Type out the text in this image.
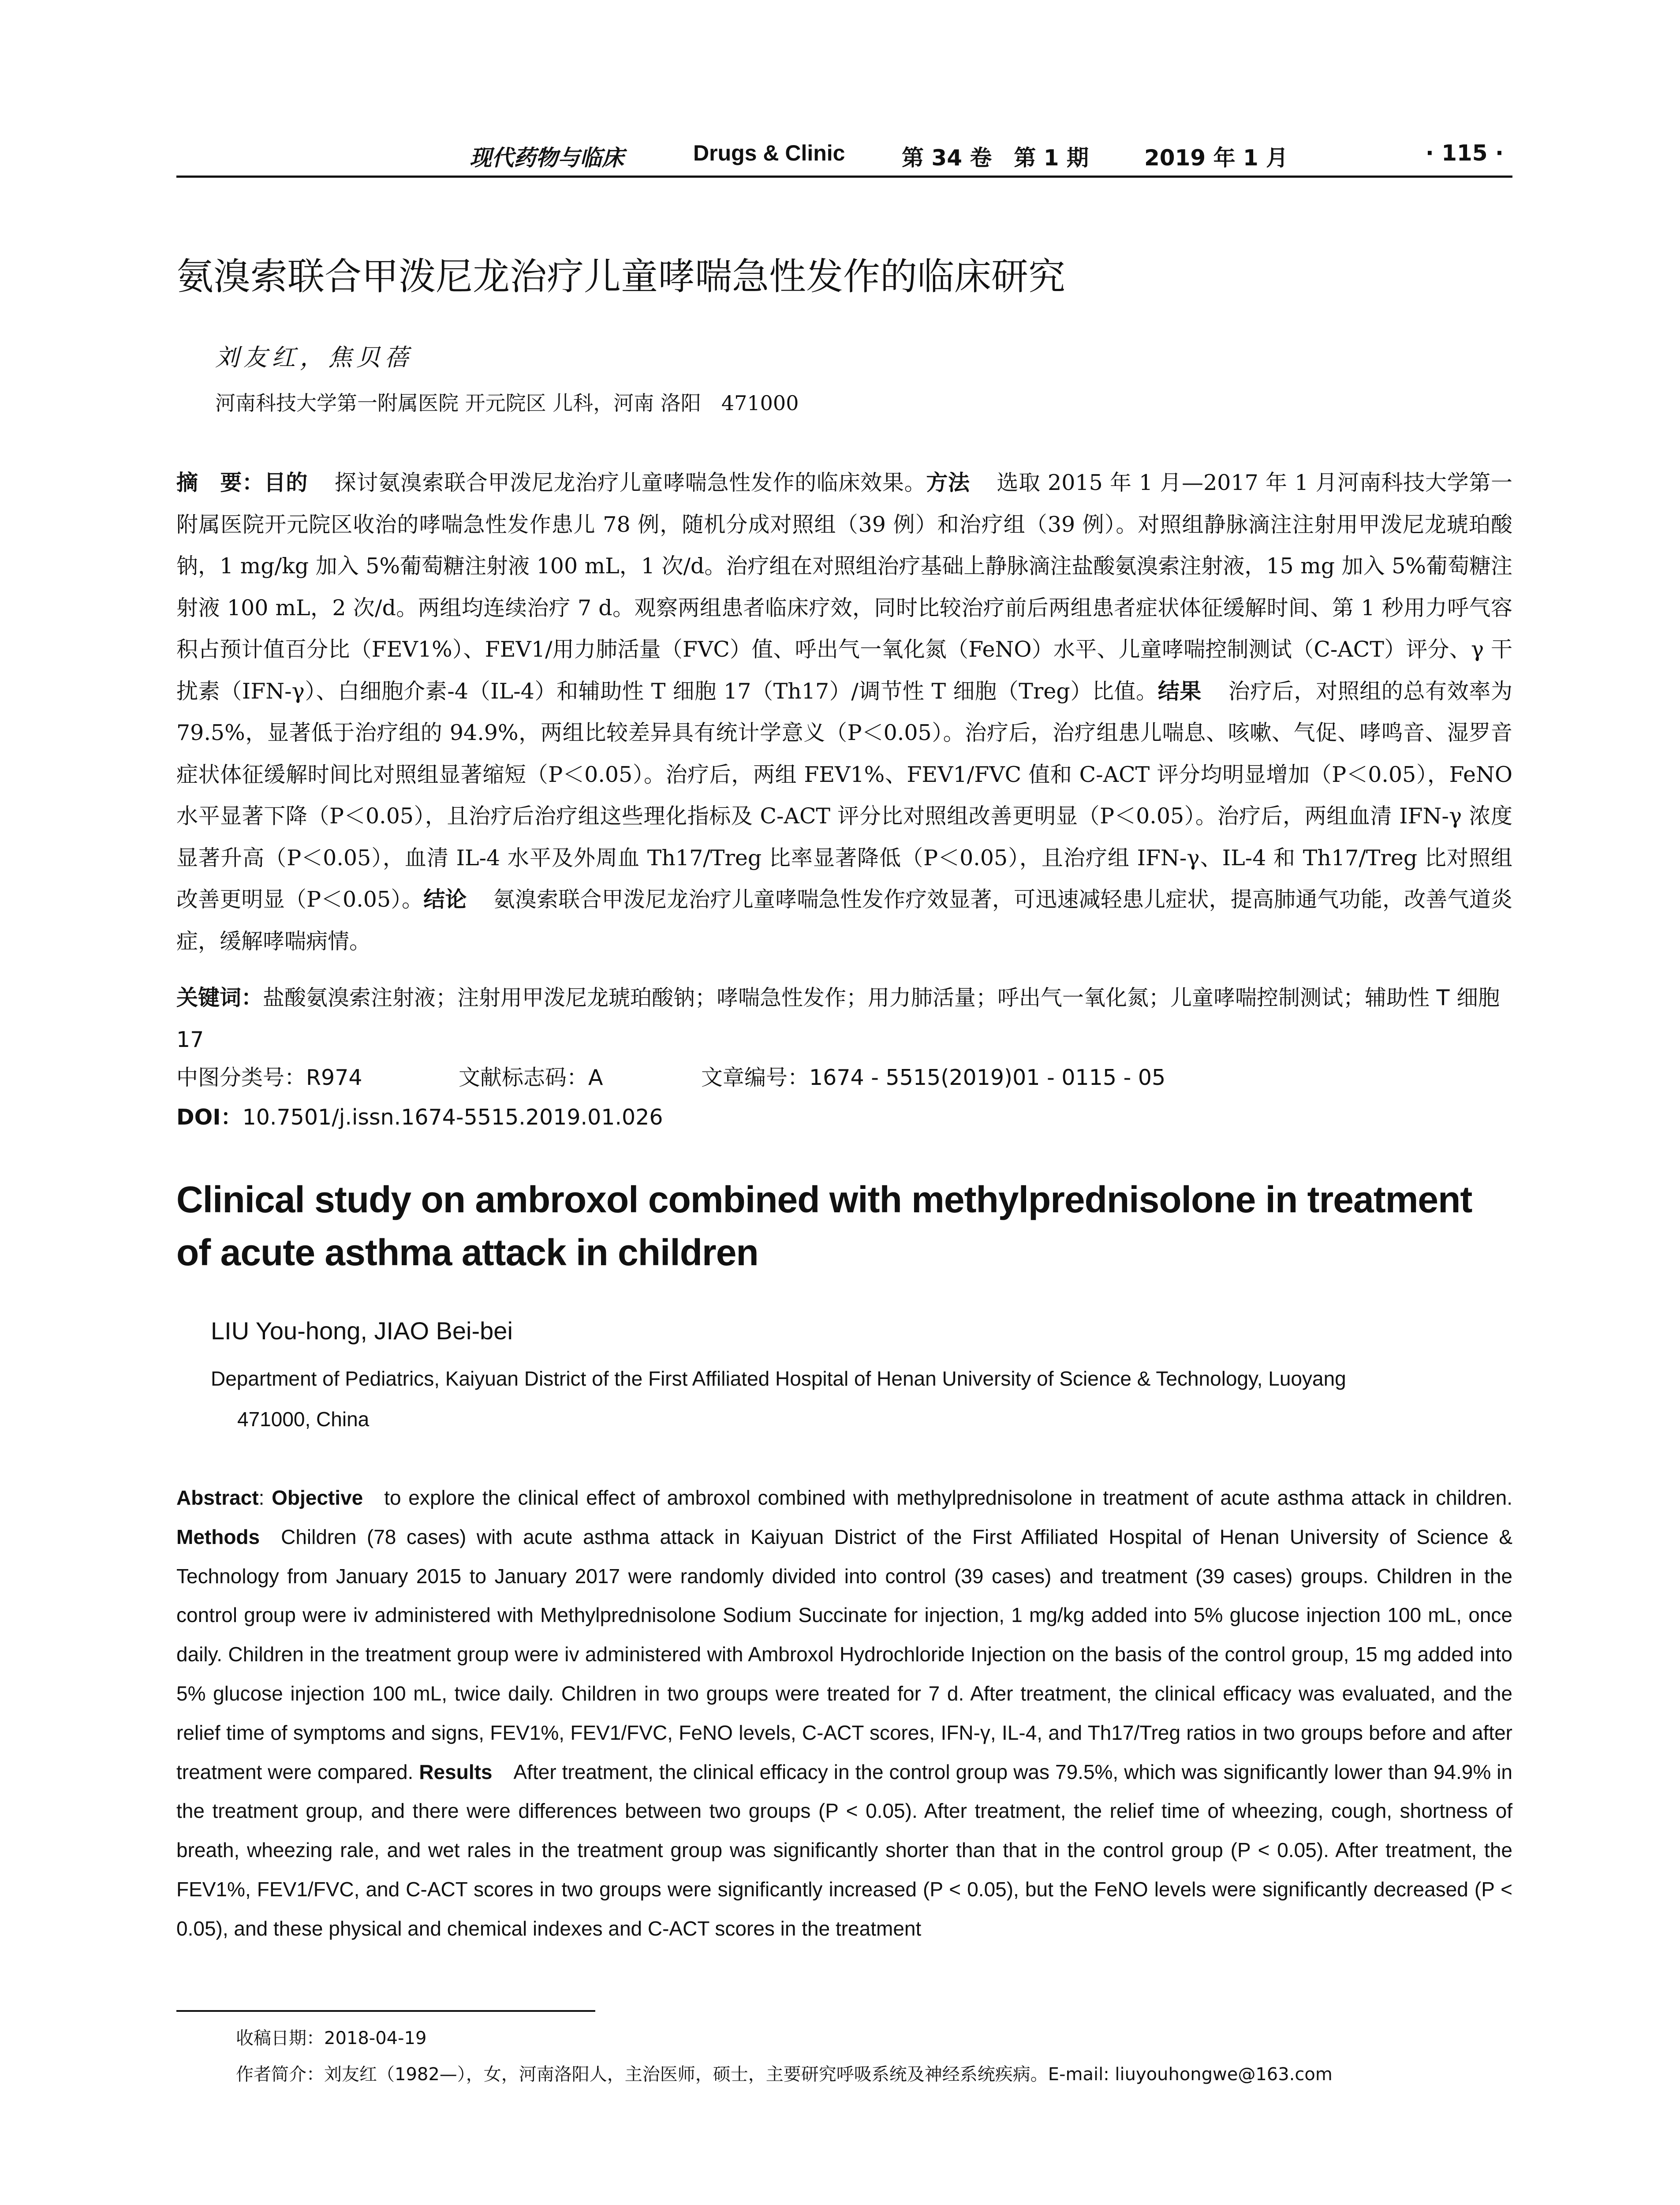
现代药物与临床	Drugs & Clinic	第 34 卷　第 1 期	2019 年 1 月	· 115 ·
氨溴索联合甲泼尼龙治疗儿童哮喘急性发作的临床研究
刘友红，焦贝蓓
河南科技大学第一附属医院 开元院区 儿科，河南 洛阳　471000
摘　要：目的 探讨氨溴索联合甲泼尼龙治疗儿童哮喘急性发作的临床效果。方法 选取 2015 年 1 月—2017 年 1 月河南科技大学第一附属医院开元院区收治的哮喘急性发作患儿 78 例，随机分成对照组（39 例）和治疗组（39 例）。对照组静脉滴注注射用甲泼尼龙琥珀酸钠，1 mg/kg 加入 5%葡萄糖注射液 100 mL，1 次/d。治疗组在对照组治疗基础上静脉滴注盐酸氨溴索注射液，15 mg 加入 5%葡萄糖注射液 100 mL，2 次/d。两组均连续治疗 7 d。观察两组患者临床疗效，同时比较治疗前后两组患者症状体征缓解时间、第 1 秒用力呼气容积占预计值百分比（FEV1%）、FEV1/用力肺活量（FVC）值、呼出气一氧化氮（FeNO）水平、儿童哮喘控制测试（C-ACT）评分、γ 干扰素（IFN-γ）、白细胞介素-4（IL-4）和辅助性 T 细胞 17（Th17）/调节性 T 细胞（Treg）比值。结果 治疗后，对照组的总有效率为 79.5%，显著低于治疗组的 94.9%，两组比较差异具有统计学意义（P＜0.05）。治疗后，治疗组患儿喘息、咳嗽、气促、哮鸣音、湿罗音症状体征缓解时间比对照组显著缩短（P＜0.05）。治疗后，两组 FEV1%、FEV1/FVC 值和 C-ACT 评分均明显增加（P＜0.05），FeNO 水平显著下降（P＜0.05），且治疗后治疗组这些理化指标及 C-ACT 评分比对照组改善更明显（P＜0.05）。治疗后，两组血清 IFN-γ 浓度显著升高（P＜0.05），血清 IL-4 水平及外周血 Th17/Treg 比率显著降低（P＜0.05），且治疗组 IFN-γ、IL-4 和 Th17/Treg 比对照组改善更明显（P＜0.05）。结论 氨溴索联合甲泼尼龙治疗儿童哮喘急性发作疗效显著，可迅速减轻患儿症状，提高肺通气功能，改善气道炎症，缓解哮喘病情。
关键词：盐酸氨溴索注射液；注射用甲泼尼龙琥珀酸钠；哮喘急性发作；用力肺活量；呼出气一氧化氮；儿童哮喘控制测试；辅助性 T 细胞 17
中图分类号：R974	文献标志码：A	文章编号：1674 - 5515(2019)01 - 0115 - 05
DOI：10.7501/j.issn.1674-5515.2019.01.026
Clinical study on ambroxol combined with methylprednisolone in treatment of acute asthma attack in children
LIU You-hong, JIAO Bei-bei
Department of Pediatrics, Kaiyuan District of the First Affiliated Hospital of Henan University of Science & Technology, Luoyang
471000, China
Abstract: Objective to explore the clinical effect of ambroxol combined with methylprednisolone in treatment of acute asthma attack in children. Methods Children (78 cases) with acute asthma attack in Kaiyuan District of the First Affiliated Hospital of Henan University of Science & Technology from January 2015 to January 2017 were randomly divided into control (39 cases) and treatment (39 cases) groups. Children in the control group were iv administered with Methylprednisolone Sodium Succinate for injection, 1 mg/kg added into 5% glucose injection 100 mL, once daily. Children in the treatment group were iv administered with Ambroxol Hydrochloride Injection on the basis of the control group, 15 mg added into 5% glucose injection 100 mL, twice daily. Children in two groups were treated for 7 d. After treatment, the clinical efficacy was evaluated, and the relief time of symptoms and signs, FEV1%, FEV1/FVC, FeNO levels, C-ACT scores, IFN-γ, IL-4, and Th17/Treg ratios in two groups before and after treatment were compared. Results After treatment, the clinical efficacy in the control group was 79.5%, which was significantly lower than 94.9% in the treatment group, and there were differences between two groups (P < 0.05). After treatment, the relief time of wheezing, cough, shortness of breath, wheezing rale, and wet rales in the treatment group was significantly shorter than that in the control group (P < 0.05). After treatment, the FEV1%, FEV1/FVC, and C-ACT scores in two groups were significantly increased (P < 0.05), but the FeNO levels were significantly decreased (P < 0.05), and these physical and chemical indexes and C-ACT scores in the treatment
收稿日期：2018-04-19
作者简介：刘友红（1982—），女，河南洛阳人，主治医师，硕士，主要研究呼吸系统及神经系统疾病。E-mail: liuyouhongwe@163.com
